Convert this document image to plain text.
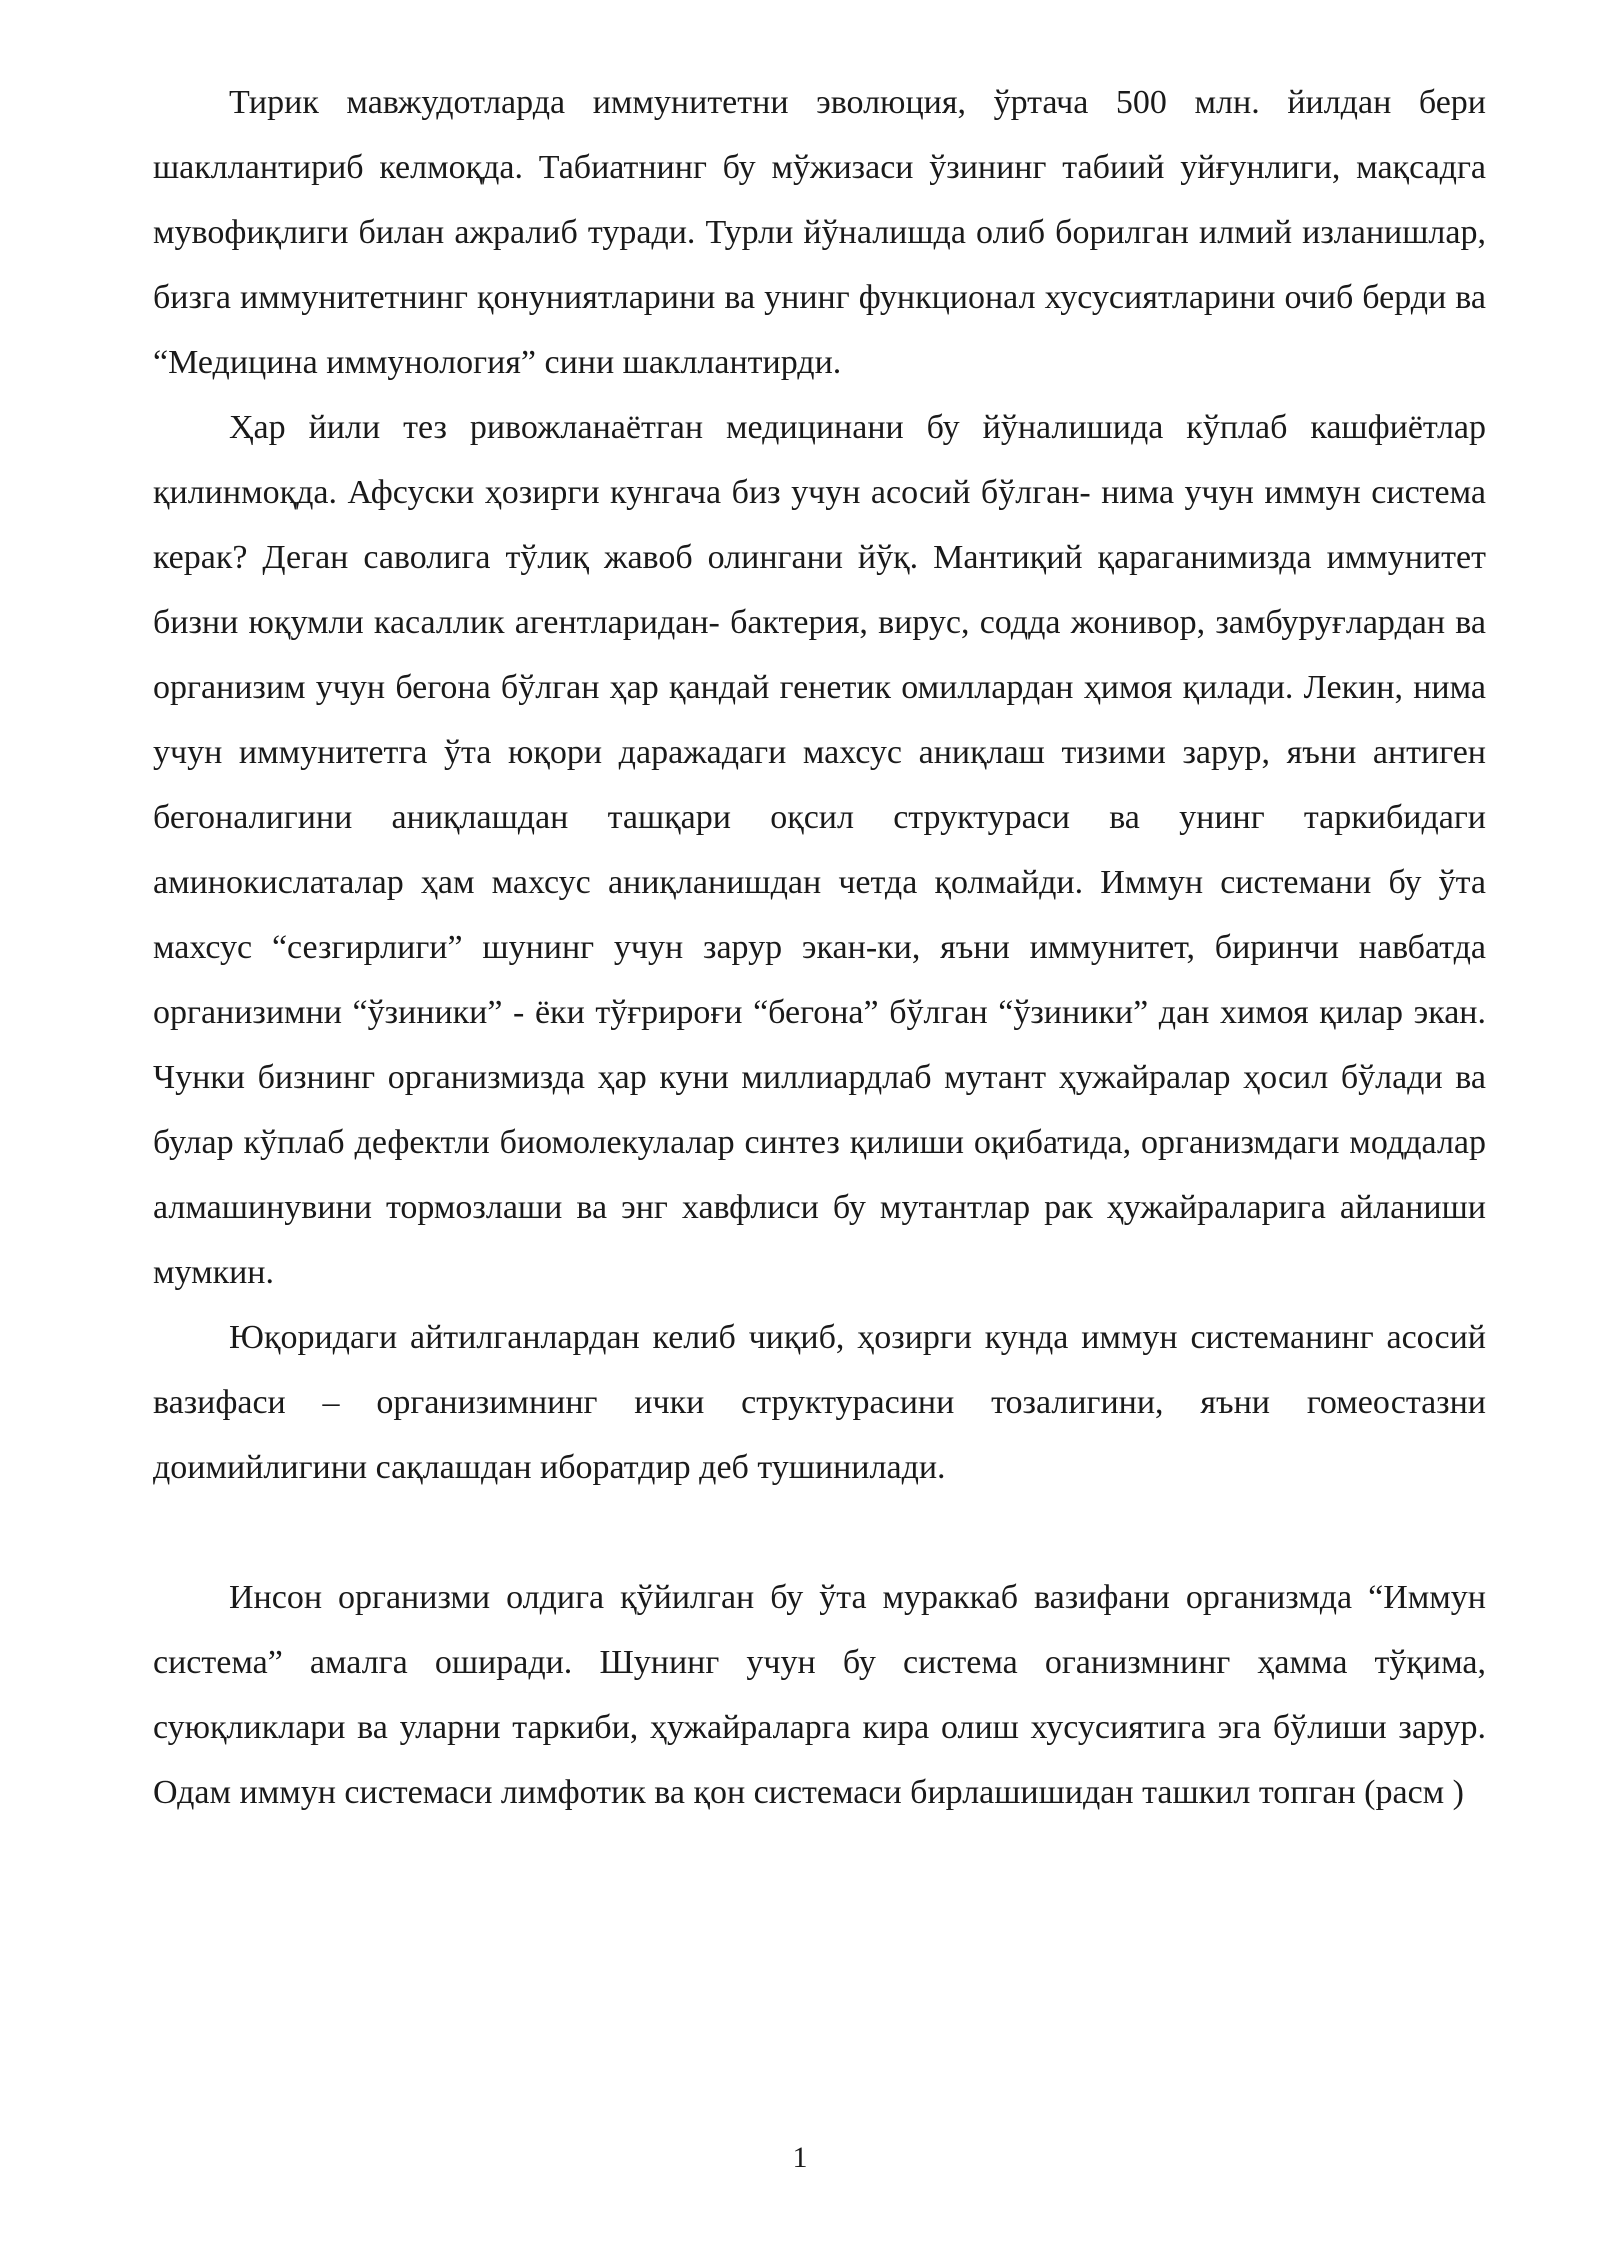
Тирик мавжудотларда иммунитетни эволюция, ўртача 500 млн. йилдан бери шакллантириб келмоқда. Табиатнинг бу мўжизаси ўзининг табиий уйғунлиги, мақсадга мувофиқлиги билан ажралиб туради. Турли йўналишда олиб борилган илмий изланишлар, бизга иммунитетнинг қонуниятларини ва унинг функционал хусусиятларини очиб берди ва “Медицина иммунология” сини шакллантирди.

Ҳар йили тез ривожланаётган медицинани бу йўналишида кўплаб кашфиётлар қилинмоқда. Афсуски ҳозирги кунгача биз учун асосий бўлган- нима учун иммун система керак? Деган саволига тўлиқ жавоб олингани йўқ. Мантиқий қараганимизда иммунитет бизни юқумли касаллик агентларидан- бактерия, вирус, содда жонивор, замбуруғлардан ва организим учун бегона бўлган ҳар қандай генетик омиллардан ҳимоя қилади. Лекин, нима учун иммунитетга ўта юқори даражадаги махсус аниқлаш тизими зарур, яъни антиген бегоналигини аниқлашдан ташқари оқсил структураси ва унинг таркибидаги аминокислаталар ҳам махсус аниқланишдан четда қолмайди. Иммун системани бу ўта махсус “сезгирлиги” шунинг учун зарур экан-ки, яъни иммунитет, биринчи навбатда организимни “ўзиники” - ёки тўғрироғи “бегона” бўлган “ўзиники” дан химоя қилар экан. Чунки бизнинг организмизда ҳар куни миллиардлаб мутант ҳужайралар ҳосил бўлади ва булар кўплаб дефектли биомолекулалар синтез қилиши оқибатида, организмдаги моддалар алмашинувини тормозлаши ва энг хавфлиси бу мутантлар рак ҳужайраларига айланиши мумкин.

Юқоридаги айтилганлардан келиб чиқиб, ҳозирги кунда иммун системанинг асосий вазифаси – организимнинг ички структурасини тозалигини, яъни гомеостазни доимийлигини сақлашдан иборатдир деб тушинилади.

Инсон организми олдига қўйилган бу ўта мураккаб вазифани организмда “Иммун система” амалга оширади. Шунинг учун бу система оганизмнинг ҳамма тўқима, суюқликлари ва уларни таркиби, ҳужайраларга кира олиш хусусиятига эга бўлиши зарур. Одам иммун системаси лимфотик ва қон системаси бирлашишидан ташкил топган (расм )

1
